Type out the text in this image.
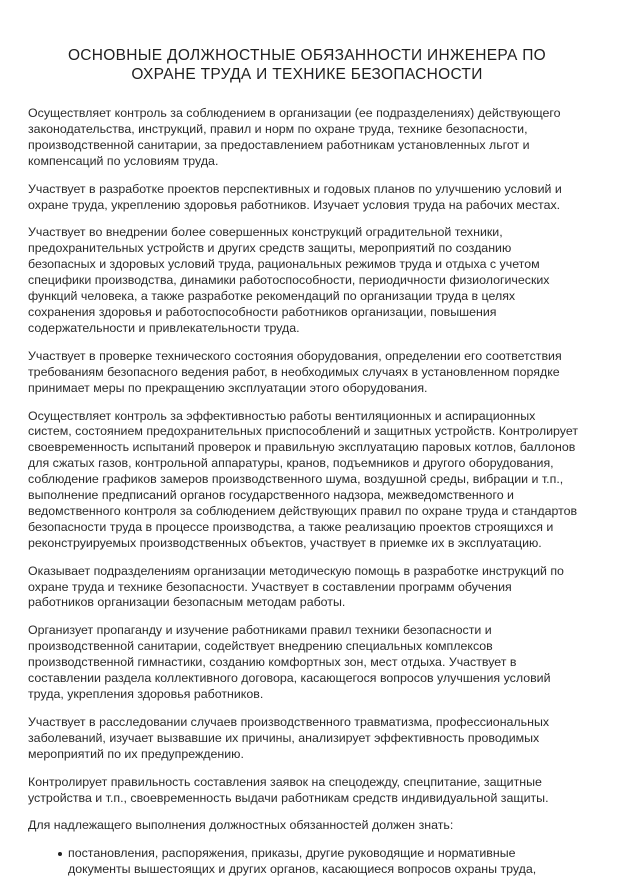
ОСНОВНЫЕ ДОЛЖНОСТНЫЕ ОБЯЗАННОСТИ ИНЖЕНЕРА ПО
ОХРАНЕ ТРУДА И ТЕХНИКЕ БЕЗОПАСНОСТИ

Осуществляет контроль за соблюдением в организации (ее подразделениях) действующего законодательства, инструкций, правил и норм по охране труда, технике безопасности, производственной санитарии, за предоставлением работникам установленных льгот и компенсаций по условиям труда.

Участвует в разработке проектов перспективных и годовых планов по улучшению условий и охране труда, укреплению здоровья работников. Изучает условия труда на рабочих местах.

Участвует во внедрении более совершенных конструкций оградительной техники, предохранительных устройств и других средств защиты, мероприятий по созданию безопасных и здоровых условий труда, рациональных режимов труда и отдыха с учетом специфики производства, динамики работоспособности, периодичности физиологических функций человека, а также разработке рекомендаций по организации труда в целях сохранения здоровья и работоспособности работников организации, повышения содержательности и привлекательности труда.

Участвует в проверке технического состояния оборудования, определении его соответствия требованиям безопасного ведения работ, в необходимых случаях в установленном порядке принимает меры по прекращению эксплуатации этого оборудования.

Осуществляет контроль за эффективностью работы вентиляционных и аспирационных систем, состоянием предохранительных приспособлений и защитных устройств. Контролирует своевременность испытаний проверок и правильную эксплуатацию паровых котлов, баллонов для сжатых газов, контрольной аппаратуры, кранов, подъемников и другого оборудования, соблюдение графиков замеров производственного шума, воздушной среды, вибрации и т.п., выполнение предписаний органов государственного надзора, межведомственного и ведомственного контроля за соблюдением действующих правил по охране труда и стандартов безопасности труда в процессе производства, а также реализацию проектов строящихся и реконструируемых производственных объектов, участвует в приемке их в эксплуатацию.

Оказывает подразделениям организации методическую помощь в разработке инструкций по охране труда и технике безопасности. Участвует в составлении программ обучения работников организации безопасным методам работы.

Организует пропаганду и изучение работниками правил техники безопасности и производственной санитарии, содействует внедрению специальных комплексов производственной гимнастики, созданию комфортных зон, мест отдыха. Участвует в составлении раздела коллективного договора, касающегося вопросов улучшения условий труда, укрепления здоровья работников.

Участвует в расследовании случаев производственного травматизма, профессиональных заболеваний, изучает вызвавшие их причины, анализирует эффективность проводимых мероприятий по их предупреждению.

Контролирует правильность составления заявок на спецодежду, спецпитание, защитные устройства и т.п., своевременность выдачи работникам средств индивидуальной защиты.

Для надлежащего выполнения должностных обязанностей должен знать:

постановления, распоряжения, приказы, другие руководящие и нормативные документы вышестоящих и других органов, касающиеся вопросов охраны труда,
